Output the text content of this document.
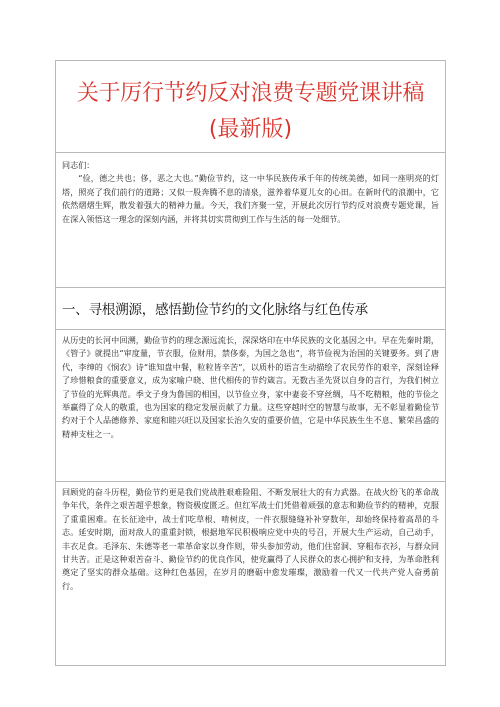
关于厉行节约反对浪费专题党课讲稿
(最新版)

同志们：

“俭，德之共也；侈，恶之大也。”勤俭节约，这一中华民族传承千年的传统美德，如同一座明亮的灯塔，照亮了我们前行的道路；又似一股奔腾不息的清泉，滋养着华夏儿女的心田。在新时代的浪潮中，它依然熠熠生辉，散发着强大的精神力量。今天，我们齐聚一堂，开展此次厉行节约反对浪费专题党课，旨在深入领悟这一理念的深刻内涵，并将其切实贯彻到工作与生活的每一处细节。

一、寻根溯源，感悟勤俭节约的文化脉络与红色传承

从历史的长河中回溯，勤俭节约的理念源远流长，深深烙印在中华民族的文化基因之中。早在先秦时期，《管子》就提出“审度量，节衣服，俭财用，禁侈泰，为国之急也”，将节俭视为治国的关键要务。到了唐代，李绅的《悯农》诗“谁知盘中餐，粒粒皆辛苦”，以质朴的语言生动描绘了农民劳作的艰辛，深刻诠释了珍惜粮食的重要意义，成为家喻户晓、世代相传的节约箴言。无数古圣先贤以自身的言行，为我们树立了节俭的光辉典范。季文子身为鲁国的相国，以节俭立身，家中妻妾不穿丝绸，马不吃精粮，他的节俭之举赢得了众人的敬重，也为国家的稳定发展贡献了力量。这些穿越时空的智慧与故事，无不彰显着勤俭节约对于个人品德修养、家庭和睦兴旺以及国家长治久安的重要价值，它是中华民族生生不息、繁荣昌盛的精神支柱之一。

回顾党的奋斗历程，勤俭节约更是我们党战胜艰难险阻、不断发展壮大的有力武器。在战火纷飞的革命战争年代，条件之艰苦超乎想象，物资极度匮乏。但红军战士们凭借着顽强的意志和勤俭节约的精神，克服了重重困难。在长征途中，战士们吃草根、啃树皮，一件衣服缝缝补补穿数年，却始终保持着高昂的斗志。延安时期，面对敌人的重重封锁，根据地军民积极响应党中央的号召，开展大生产运动，自己动手，丰衣足食。毛泽东、朱德等老一辈革命家以身作则，带头参加劳动，他们住窑洞、穿粗布衣衫，与群众同甘共苦。正是这种艰苦奋斗、勤俭节约的优良作风，使党赢得了人民群众的衷心拥护和支持，为革命胜利奠定了坚实的群众基础。这种红色基因，在岁月的磨砺中愈发璀璨，激励着一代又一代共产党人奋勇前行。
